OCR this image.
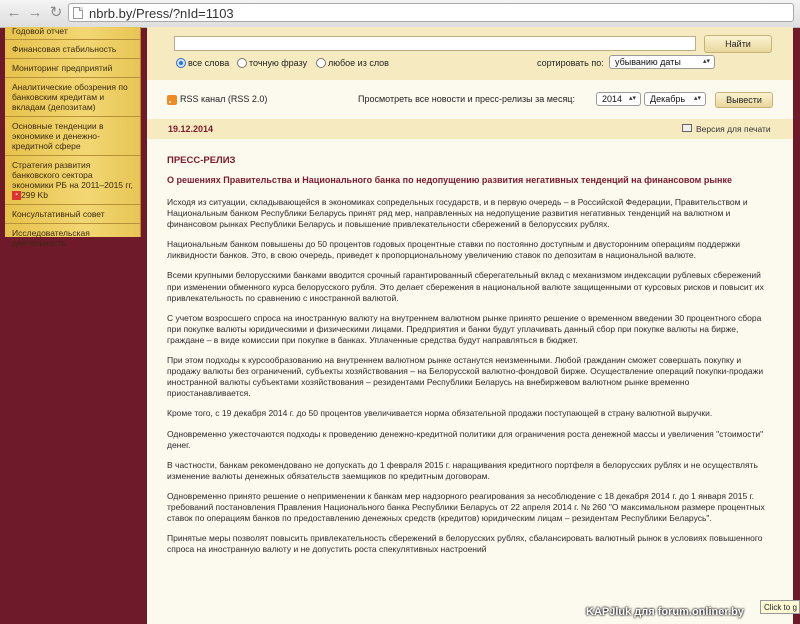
← → ↻	nbrb.by/Press/?nId=1103
Годовой отчет
Финансовая стабильность
Мониторинг предприятий
Аналитические обозрения по банковским кредитам и вкладам (депозитам)
Основные тенденции в экономике и денежно-кредитной сфере
Стратегия развития банковского сектора экономики РБ на 2011–2015 гг, ▪ 299 Kb
Консультативный совет
Исследовательская деятельность
Найти
все слова	точную фразу	любое из слов	сортировать по:	убыванию даты	▴▾
RSS канал (RSS 2.0)	Просмотреть все новости и пресс-релизы за месяц:	2014 ▴▾	Декабрь ▴▾	Вывести
19.12.2014	Версия для печати

ПРЕСС-РЕЛИЗ

О решениях Правительства и Национального банка по недопущению развития негативных тенденций на финансовом рынке

Исходя из ситуации, складывающейся в экономиках сопредельных государств, и в первую очередь – в Российской Федерации, Правительством и Национальным банком Республики Беларусь принят ряд мер, направленных на недопущение развития негативных тенденций на валютном и финансовом рынках Республики Беларусь и повышение привлекательности сбережений в белорусских рублях.

Национальным банком повышены до 50 процентов годовых процентные ставки по постоянно доступным и двусторонним операциям поддержки ликвидности банков. Это, в свою очередь, приведет к пропорциональному увеличению ставок по депозитам в национальной валюте.

Всеми крупными белорусскими банками вводится срочный гарантированный сберегательный вклад с механизмом индексации рублевых сбережений при изменении обменного курса белорусского рубля. Это делает сбережения в национальной валюте защищенными от курсовых рисков и повысит их привлекательность по сравнению с иностранной валютой.

С учетом возросшего спроса на иностранную валюту на внутреннем валютном рынке принято решение о временном введении 30 процентного сбора при покупке валюты юридическими и физическими лицами. Предприятия и банки будут уплачивать данный сбор при покупке валюты на бирже, граждане – в виде комиссии при покупке в банках. Уплаченные средства будут направляться в бюджет.

При этом подходы к курсообразованию на внутреннем валютном рынке останутся неизменными. Любой гражданин сможет совершать покупку и продажу валюты без ограничений, субъекты хозяйствования – на Белорусской валютно-фондовой бирже. Осуществление операций покупки-продажи иностранной валюты субъектами хозяйствования – резидентами Республики Беларусь на внебиржевом валютном рынке временно приостанавливается.

Кроме того, с 19 декабря 2014 г. до 50 процентов увеличивается норма обязательной продажи поступающей в страну валютной выручки.

Одновременно ужесточаются подходы к проведению денежно-кредитной политики для ограничения роста денежной массы и увеличения "стоимости" денег.

В частности, банкам рекомендовано не допускать до 1 февраля 2015 г. наращивания кредитного портфеля в белорусских рублях и не осуществлять изменение валюты денежных обязательств заемщиков по кредитным договорам.

Одновременно принято решение о неприменении к банкам мер надзорного реагирования за несоблюдение с 18 декабря 2014 г. до 1 января 2015 г. требований постановления Правления Национального банка Республики Беларусь от 22 апреля 2014 г. № 260 "О максимальном размере процентных ставок по операциям банков по предоставлению денежных средств (кредитов) юридическим лицам – резидентам Республики Беларусь".

Принятые меры позволят повысить привлекательность сбережений в белорусских рублях, сбалансировать валютный рынок в условиях повышенного спроса на иностранную валюту и не допустить роста спекулятивных настроений

KAPJluk для forum.onliner.by	Click to g
